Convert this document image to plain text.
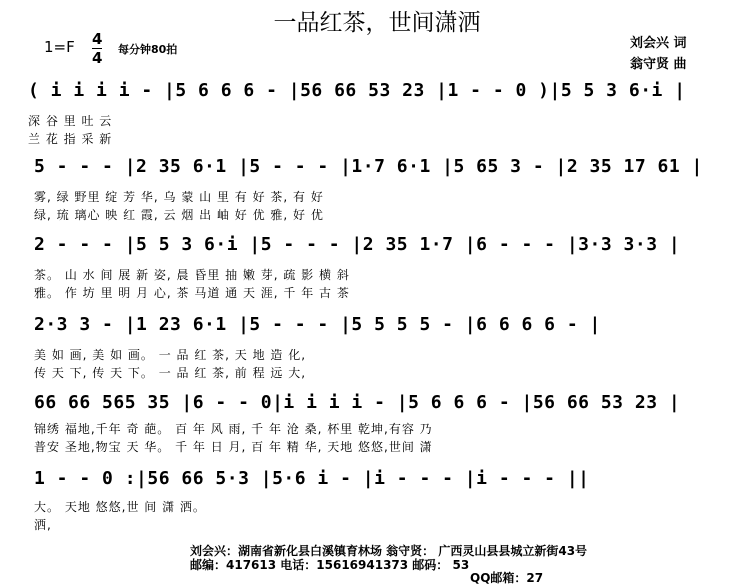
一品红茶，世间潇洒
1=F 4
4 每分钟80拍	刘会兴 词
翁守贤 曲
( i i i i - |5 6 6 6 - |56 66 53 23 |1 - - 0 )|5 5 3 6·i |
深 谷 里 吐 云
兰 花 指 采 新
5 - - - |2 35 6·1 |5 - - - |1·7 6·1 |5 65 3 - |2 35 17 61 |
雾, 绿 野里 绽 芳 华, 乌 蒙 山 里 有 好 茶, 有 好
绿, 琉 璃心 映 红 霞, 云 烟 出 岫 好 优 雅, 好 优
2 - - - |5 5 3 6·i |5 - - - |2 35 1·7 |6 - - - |3·3 3·3 |
茶。 山 水 间 展 新 姿, 晨 昏里 抽 嫩 芽, 疏 影 横 斜
雅。 作 坊 里 明 月 心, 茶 马道 通 天 涯, 千 年 古 茶
2·3 3 - |1 23 6·1 |5 - - - |5 5 5 5 - |6 6 6 6 - |
美 如 画, 美 如 画。 一 品 红 茶, 天 地 造 化,
传 天 下, 传 天 下。 一 品 红 茶, 前 程 远 大,
66 66 565 35 |6 - - 0|i i i i - |5 6 6 6 - |56 66 53 23 |
锦绣 福地,千年 奇 葩。 百 年 风 雨, 千 年 沧 桑, 杯里 乾坤,有容 乃
普安 圣地,物宝 天 华。 千 年 日 月, 百 年 精 华, 天地 悠悠,世间 潇
1 - - 0 :|56 66 5·3 |5·6 i - |i - - - |i - - - ||
大。 天地 悠悠,世 间 潇 洒。
洒,
刘会兴：湖南省新化县白溪镇育林场 翁守贤： 广西灵山县县城立新街43号
邮编：417613 电话：15616941373 邮码： 53
QQ邮箱：27
